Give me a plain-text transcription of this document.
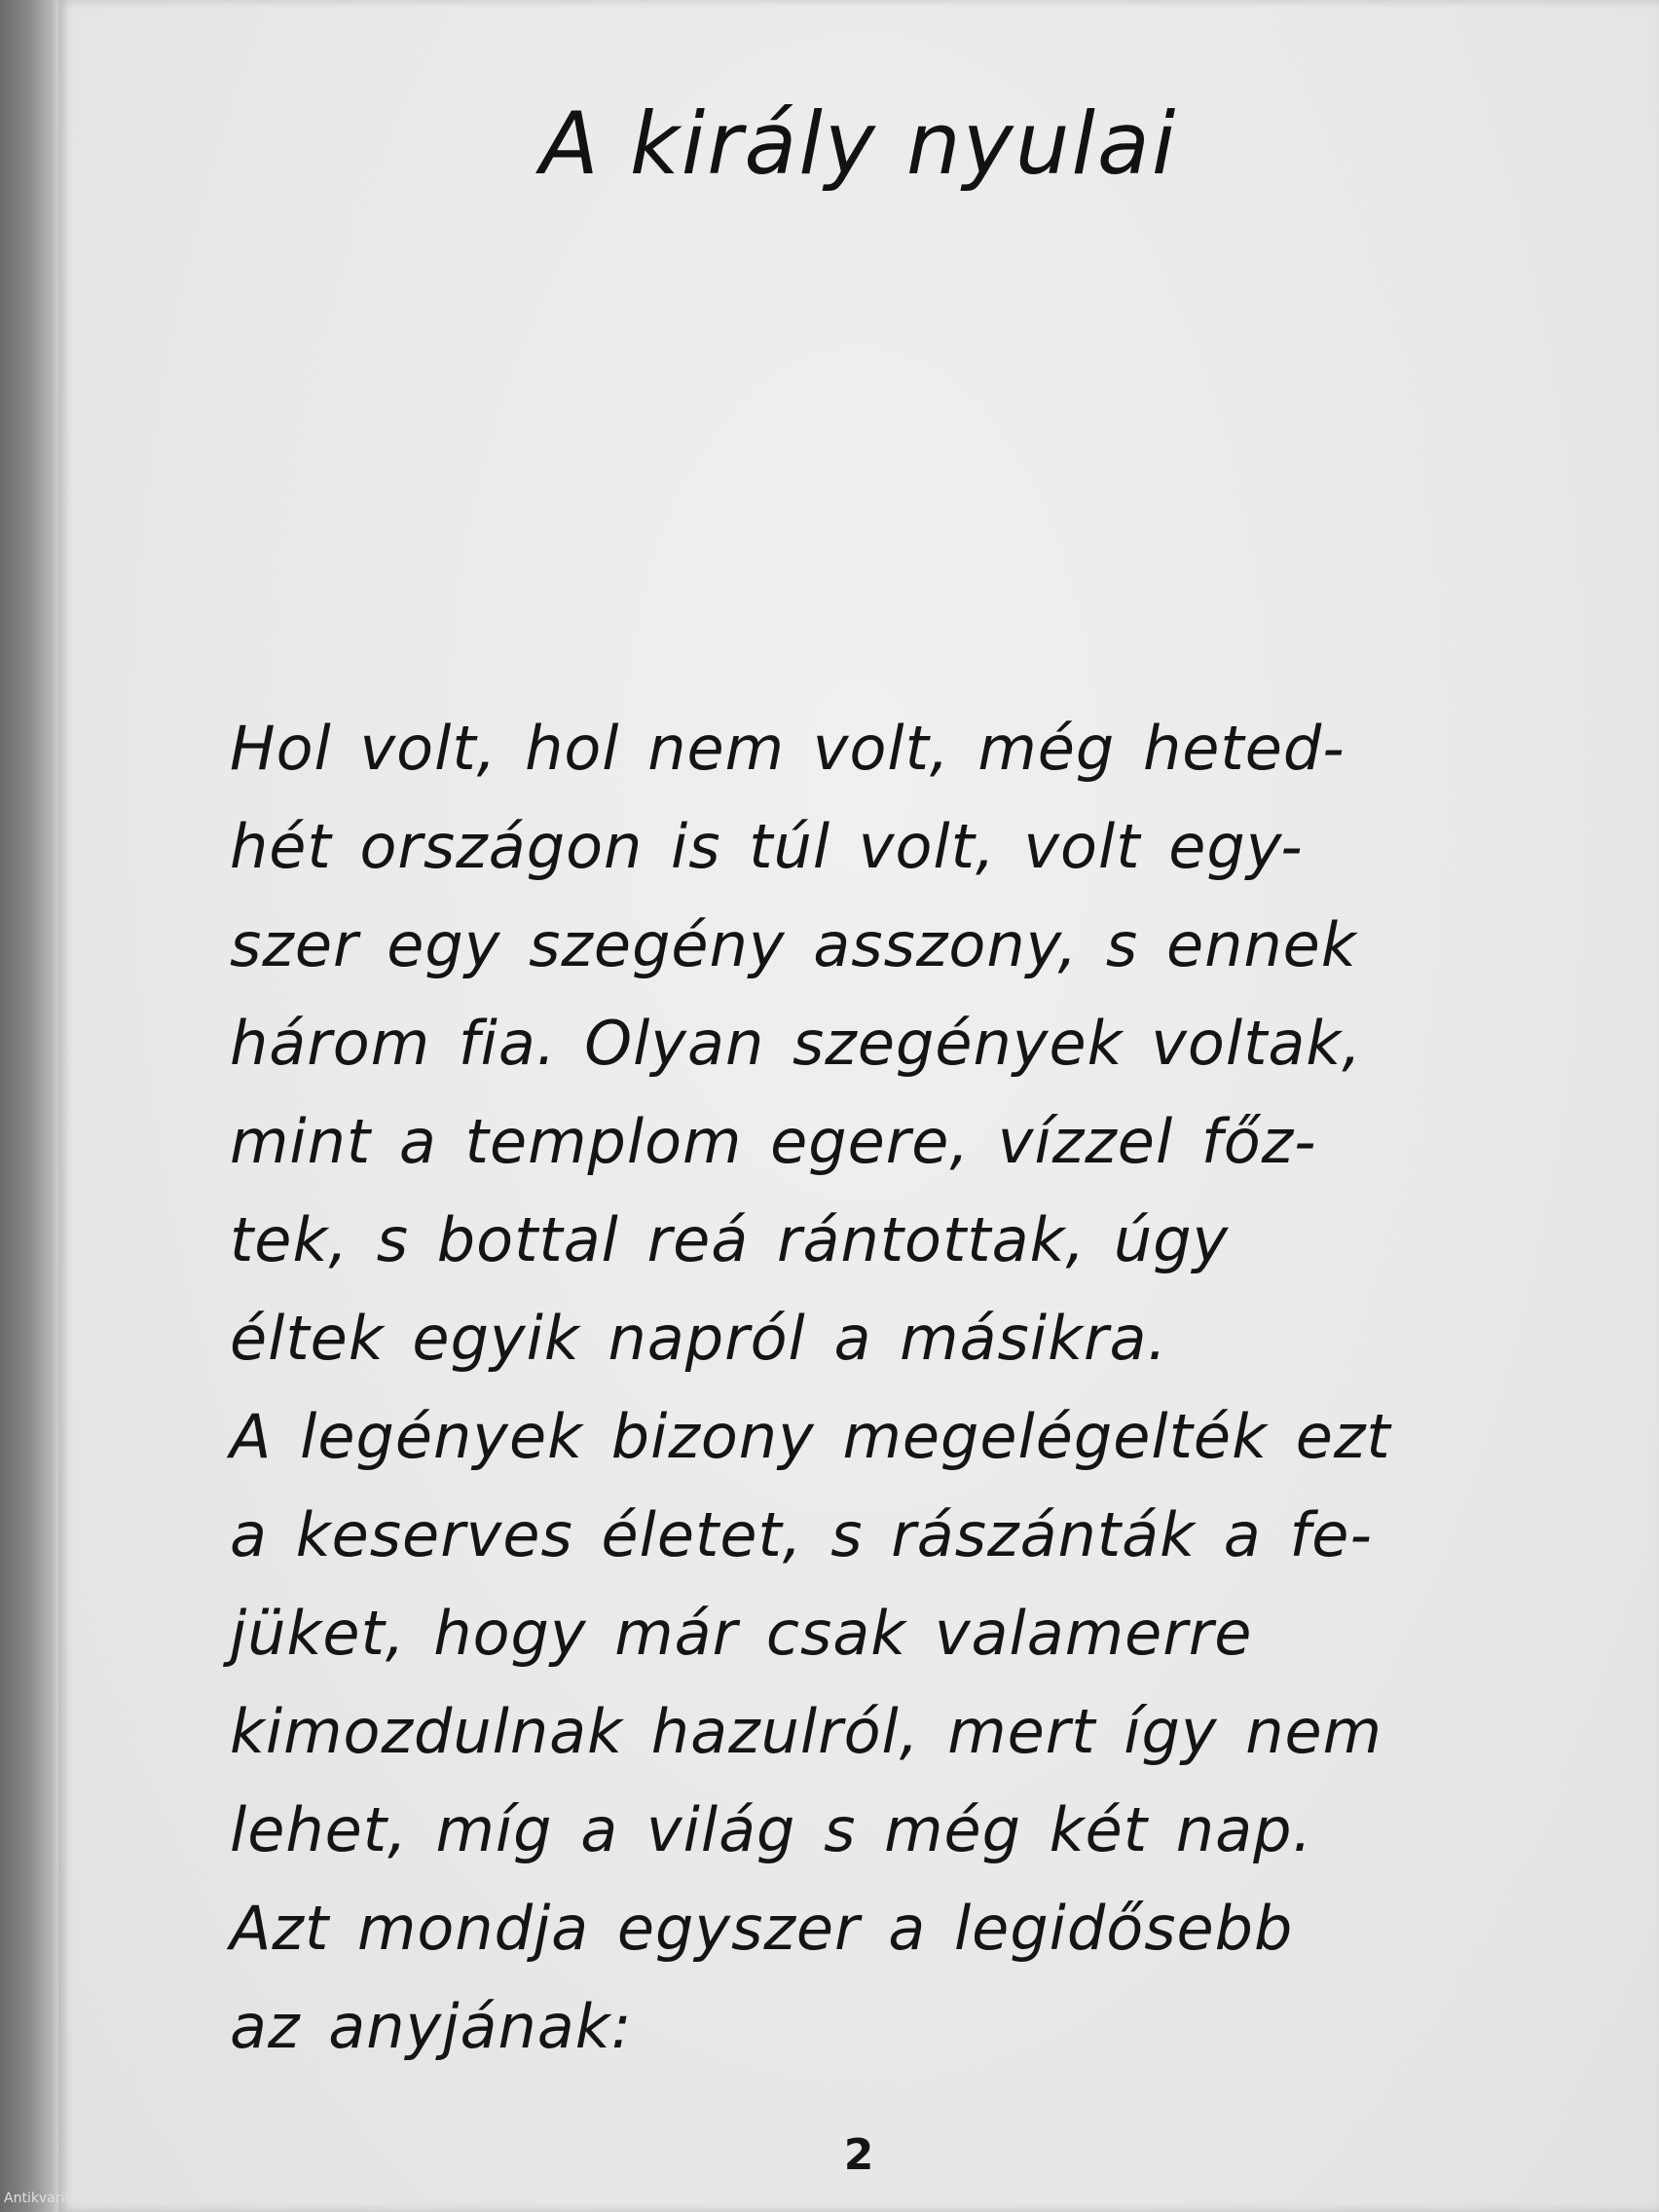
A király nyulai
Hol volt, hol nem volt, még heted-
hét országon is túl volt, volt egy-
szer egy szegény asszony, s ennek
három fia. Olyan szegények voltak,
mint a templom egere, vízzel főz-
tek, s bottal reá rántottak, úgy
éltek egyik napról a másikra.
A legények bizony megelégelték ezt
a keserves életet, s rászánták a fe-
jüket, hogy már csak valamerre
kimozdulnak hazulról, mert így nem
lehet, míg a világ s még két nap.
Azt mondja egyszer a legidősebb
az anyjának:
2
Antikvarium.hu
